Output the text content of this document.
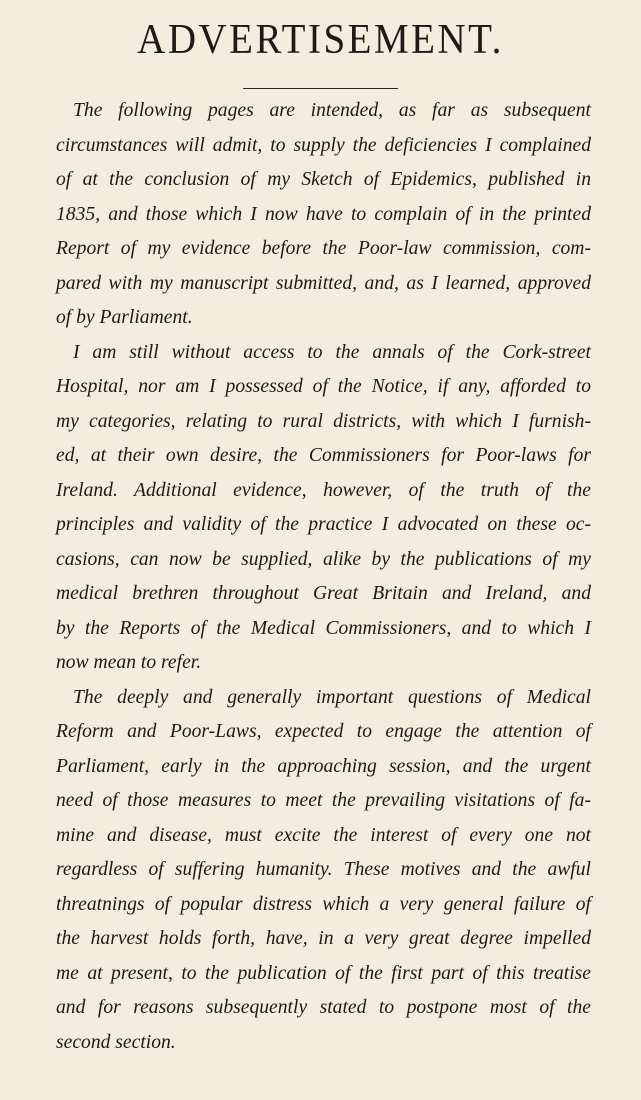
ADVERTISEMENT.
The following pages are intended, as far as subsequent
circumstances will admit, to supply the deficiencies I complained
of at the conclusion of my Sketch of Epidemics, published in
1835, and those which I now have to complain of in the printed
Report of my evidence before the Poor-law commission, com-
pared with my manuscript submitted, and, as I learned, approved
of by Parliament.
I am still without access to the annals of the Cork-street
Hospital, nor am I possessed of the Notice, if any, afforded to
my categories, relating to rural districts, with which I furnish-
ed, at their own desire, the Commissioners for Poor-laws for
Ireland. Additional evidence, however, of the truth of the
principles and validity of the practice I advocated on these oc-
casions, can now be supplied, alike by the publications of my
medical brethren throughout Great Britain and Ireland, and
by the Reports of the Medical Commissioners, and to which I
now mean to refer.
The deeply and generally important questions of Medical
Reform and Poor-Laws, expected to engage the attention of
Parliament, early in the approaching session, and the urgent
need of those measures to meet the prevailing visitations of fa-
mine and disease, must excite the interest of every one not
regardless of suffering humanity. These motives and the awful
threatnings of popular distress which a very general failure of
the harvest holds forth, have, in a very great degree impelled
me at present, to the publication of the first part of this treatise
and for reasons subsequently stated to postpone most of the
second section.
